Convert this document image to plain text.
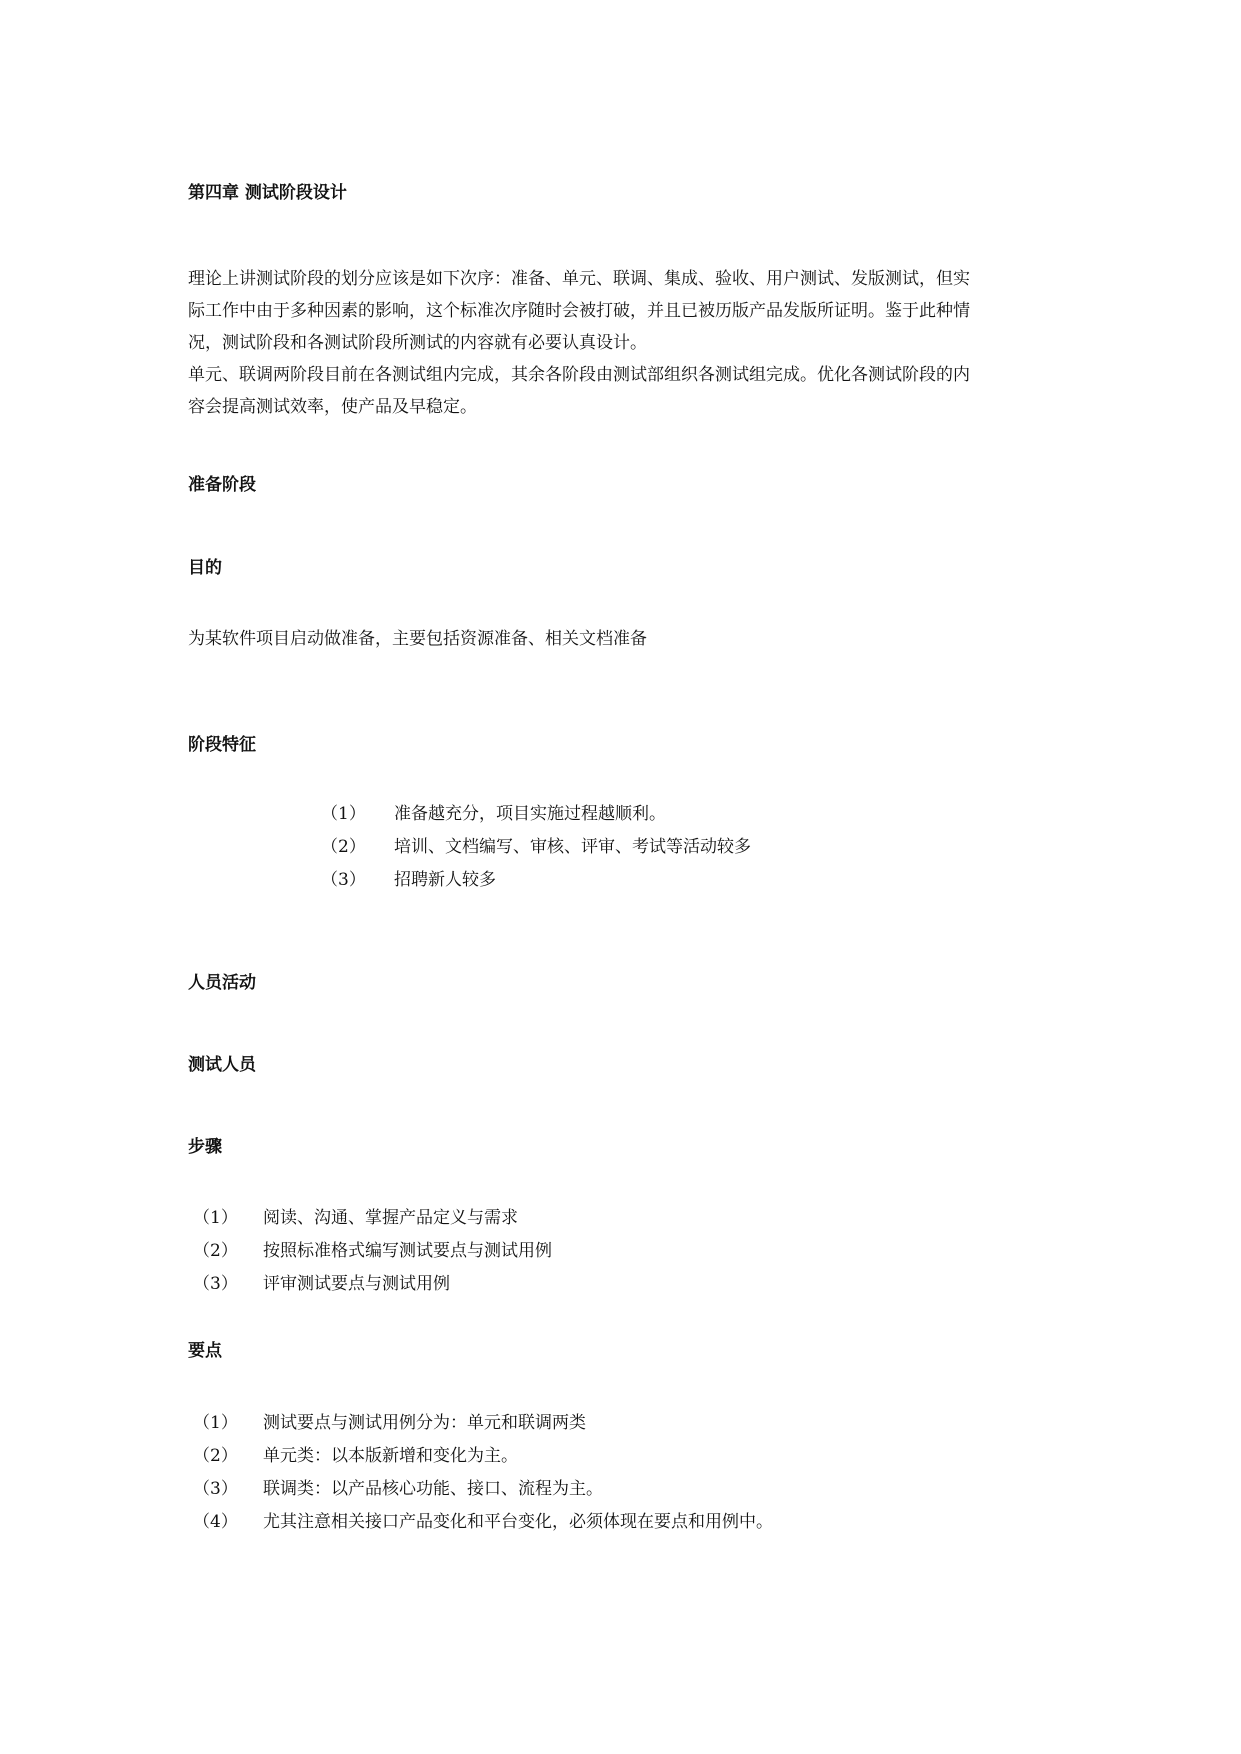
第四章 测试阶段设计

理论上讲测试阶段的划分应该是如下次序：准备、单元、联调、集成、验收、用户测试、发版测试，但实

际工作中由于多种因素的影响，这个标准次序随时会被打破，并且已被历版产品发版所证明。鉴于此种情

况，测试阶段和各测试阶段所测试的内容就有必要认真设计。

单元、联调两阶段目前在各测试组内完成，其余各阶段由测试部组织各测试组完成。优化各测试阶段的内

容会提高测试效率，使产品及早稳定。

准备阶段
目的
为某软件项目启动做准备，主要包括资源准备、相关文档准备
阶段特征
（1） 准备越充分，项目实施过程越顺利。
（2） 培训、文档编写、审核、评审、考试等活动较多
（3） 招聘新人较多
人员活动
测试人员
步骤
（1） 阅读、沟通、掌握产品定义与需求
（2） 按照标准格式编写测试要点与测试用例
（3） 评审测试要点与测试用例
要点
（1） 测试要点与测试用例分为：单元和联调两类
（2） 单元类：以本版新增和变化为主。
（3） 联调类：以产品核心功能、接口、流程为主。
（4） 尤其注意相关接口产品变化和平台变化，必须体现在要点和用例中。
